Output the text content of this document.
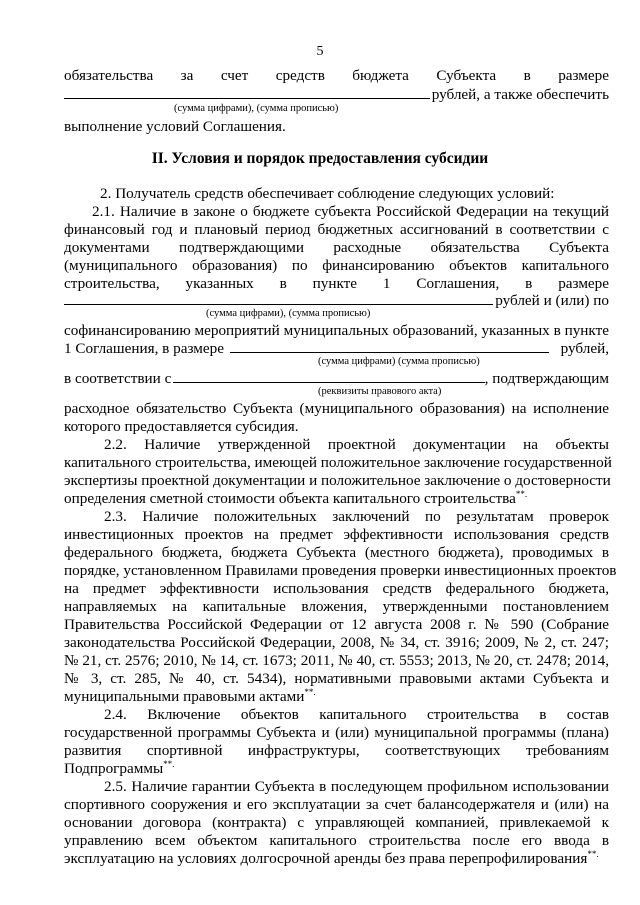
5
обязательства за счет средств бюджета Субъекта в размере
рублей, а также обеспечить
(сумма цифрами), (сумма прописью)
выполнение условий Соглашения.
II. Условия и порядок предоставления субсидии
2. Получатель средств обеспечивает соблюдение следующих условий:
2.1. Наличие в законе о бюджете субъекта Российской Федерации на текущий
финансовый год и плановый период бюджетных ассигнований в соответствии с
документами подтверждающими расходные обязательства Субъекта
(муниципального образования) по финансированию объектов капитального
строительства, указанных в пункте 1 Соглашения, в размере
рублей и (или) по
(сумма цифрами), (сумма прописью)
софинансированию мероприятий муниципальных образований, указанных в пункте
1 Соглашения, в размере	рублей,
(сумма цифрами) (сумма прописью)
в соответствии с	, подтверждающим
(реквизиты правового акта)
расходное обязательство Субъекта (муниципального образования) на исполнение
которого предоставляется субсидия.
2.2. Наличие утвержденной проектной документации на объекты
капитального строительства, имеющей положительное заключение государственной
экспертизы проектной документации и положительное заключение о достоверности
определения сметной стоимости объекта капитального строительства**.
2.3. Наличие положительных заключений по результатам проверок
инвестиционных проектов на предмет эффективности использования средств
федерального бюджета, бюджета Субъекта (местного бюджета), проводимых в
порядке, установленном Правилами проведения проверки инвестиционных проектов
на предмет эффективности использования средств федерального бюджета,
направляемых на капитальные вложения, утвержденными постановлением
Правительства Российской Федерации от 12 августа 2008 г. № 590 (Собрание
законодательства Российской Федерации, 2008, № 34, ст. 3916; 2009, № 2, ст. 247;
№ 21, ст. 2576; 2010, № 14, ст. 1673; 2011, № 40, ст. 5553; 2013, № 20, ст. 2478; 2014,
№ 3, ст. 285, № 40, ст. 5434), нормативными правовыми актами Субъекта и
муниципальными правовыми актами**.
2.4. Включение объектов капитального строительства в состав
государственной программы Субъекта и (или) муниципальной программы (плана)
развития спортивной инфраструктуры, соответствующих требованиям
Подпрограммы**.
2.5. Наличие гарантии Субъекта в последующем профильном использовании
спортивного сооружения и его эксплуатации за счет балансодержателя и (или) на
основании договора (контракта) с управляющей компанией, привлекаемой к
управлению всем объектом капитального строительства после его ввода в
эксплуатацию на условиях долгосрочной аренды без права перепрофилирования**.
